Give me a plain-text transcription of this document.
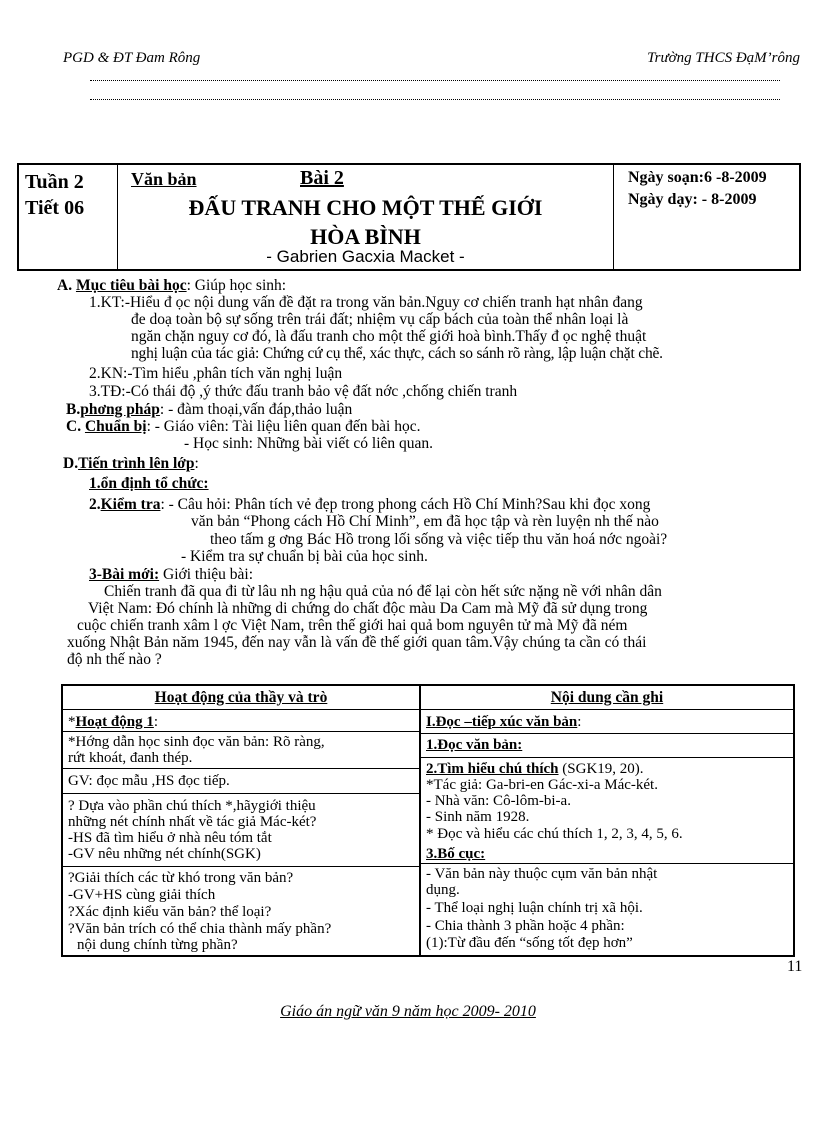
PGD & ĐT Đam Rông	Trường THCS ĐạM’rông
Tuần 2
Tiết 06
Văn bản	Bài 2
ĐẤU TRANH CHO MỘT THẾ GIỚI
HÒA BÌNH
- Gabrien Gacxia Macket -
Ngày soạn:6 -8-2009
Ngày dạy: - 8-2009
A. Mục tiêu bài học: Giúp học sinh:
1.KT:-Hiểu đ ọc nội dung vấn đề đặt ra trong văn bản.Nguy cơ chiến tranh hạt nhân đang
đe doạ toàn bộ sự sống trên trái đất; nhiệm vụ cấp bách của toàn thể nhân loại là
ngăn chặn nguy cơ đó, là đấu tranh cho một thế giới hoà bình.Thấy đ ọc nghệ thuật
nghị luận của tác giả: Chứng cứ cụ thể, xác thực, cách so sánh rõ ràng, lập luận chặt chẽ.
2.KN:-Tìm hiểu ,phân tích văn nghị luận
3.TĐ:-Có thái độ ,ý thức đấu tranh bảo vệ đất nớc ,chống chiến tranh
B.phơng pháp: - đàm thoại,vấn đáp,thảo luận
C. Chuẩn bị: - Giáo viên: Tài liệu liên quan đến bài học.
- Học sinh: Những bài viết có liên quan.
D.Tiến trình lên lớp:
1.ổn định tổ chức:
2.Kiểm tra: - Câu hỏi: Phân tích vẻ đẹp trong phong cách Hồ Chí Minh?Sau khi đọc xong
văn bản “Phong cách Hồ Chí Minh”, em đã học tập và rèn luyện nh thế nào
theo tấm g ơng Bác Hồ trong lối sống và việc tiếp thu văn hoá nớc ngoài?
- Kiểm tra sự chuẩn bị bài của học sinh.
3-Bài mới: Giới thiệu bài:
Chiến tranh đã qua đi từ lâu nh ng hậu quả của nó để lại còn hết sức nặng nề với nhân dân
Việt Nam: Đó chính là những di chứng do chất độc màu Da Cam mà Mỹ đã sử dụng trong
cuộc chiến tranh xâm l ợc Việt Nam, trên thế giới hai quả bom nguyên tử mà Mỹ đã ném
xuống Nhật Bản năm 1945, đến nay vẫn là vấn đề thế giới quan tâm.Vậy chúng ta cần có thái
độ nh thế nào ?
Hoạt động của thầy và trò
*Hoạt động 1:
*Hớng dẫn học sinh đọc văn bản: Rõ ràng,
rứt khoát, đanh thép.
GV: đọc mẫu ,HS đọc tiếp.
? Dựa vào phần chú thích *,hãygiới thiệu
những nét chính nhất về tác giả Mác-két?
-HS đã tìm hiểu ở nhà nêu tóm tắt
-GV nêu những nét chính(SGK)
?Giải thích các từ khó trong văn bản?
-GV+HS cùng giải thích
?Xác định kiểu văn bản? thể loại?
?Văn bản trích có thể chia thành mấy phần?
nội dung chính từng phần?
Nội dung cần ghi
I.Đọc –tiếp xúc văn bản:
1.Đọc văn bản:
2.Tìm hiểu chú thích (SGK19, 20).
*Tác giả: Ga-bri-en Gác-xi-a Mác-két.
- Nhà văn: Cô-lôm-bi-a.
- Sinh năm 1928.
* Đọc và hiểu các chú thích 1, 2, 3, 4, 5, 6.
3.Bố cục:
- Văn bản này thuộc cụm văn bản nhật
dụng.
- Thể loại nghị luận chính trị xã hội.
- Chia thành 3 phần hoặc 4 phần:
(1):Từ đầu đến “sống tốt đẹp hơn”
11
Giáo án ngữ văn 9 năm học 2009- 2010
